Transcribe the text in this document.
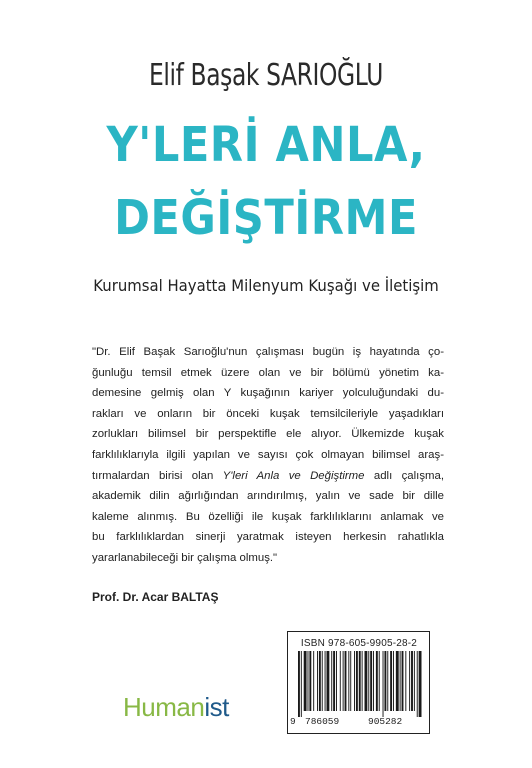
Elif Başak SARIOĞLU
Y'LERİ ANLA,
DEĞİŞTİRME
Kurumsal Hayatta Milenyum Kuşağı ve İletişim
"Dr. Elif Başak Sarıoğlu'nun çalışması bugün iş hayatında ço-
ğunluğu temsil etmek üzere olan ve bir bölümü yönetim ka-
demesine gelmiş olan Y kuşağının kariyer yolculuğundaki du-
rakları ve onların bir önceki kuşak temsilcileriyle yaşadıkları
zorlukları bilimsel bir perspektifle ele alıyor. Ülkemizde kuşak
farklılıklarıyla ilgili yapılan ve sayısı çok olmayan bilimsel araş-
tırmalardan birisi olan Y'leri Anla ve Değiştirme adlı çalışma,
akademik dilin ağırlığından arındırılmış, yalın ve sade bir dille
kaleme alınmış. Bu özelliği ile kuşak farklılıklarını anlamak ve
bu farklılıklardan sinerji yaratmak isteyen herkesin rahatlıkla
yararlanabileceği bir çalışma olmuş."
Prof. Dr. Acar BALTAŞ
Humanist
ISBN 978-605-9905-28-2
9 786059	905282
